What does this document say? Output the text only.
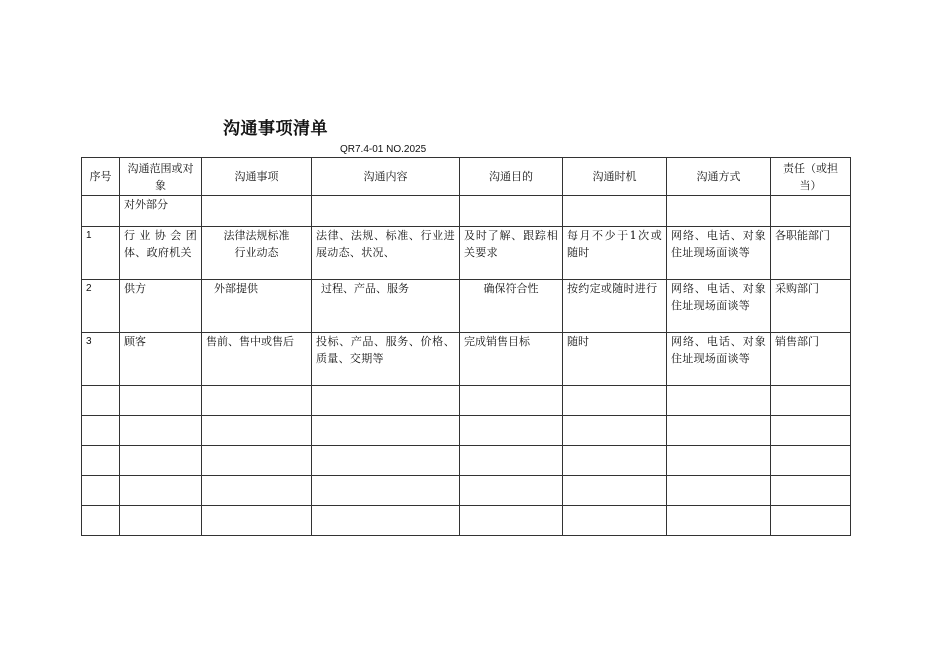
沟通事项清单
QR7.4-01 NO.2025
序号	沟通范围或对象	沟通事项	沟通内容	沟通目的	沟通时机	沟通方式	责任（或担当）
	对外部分						
1	行业协会团体、政府机关	法律法规标准行业动态	法律、法规、标准、行业进展动态、状况、	及时了解、跟踪相关要求	每月不少于1次或随时	网络、电话、对象住址现场面谈等	各职能部门
2	供方	外部提供	过程、产品、服务	确保符合性	按约定或随时进行	网络、电话、对象住址现场面谈等	采购部门
3	顾客	售前、售中或售后	投标、产品、服务、价格、质量、交期等	完成销售目标	随时	网络、电话、对象住址现场面谈等	销售部门
